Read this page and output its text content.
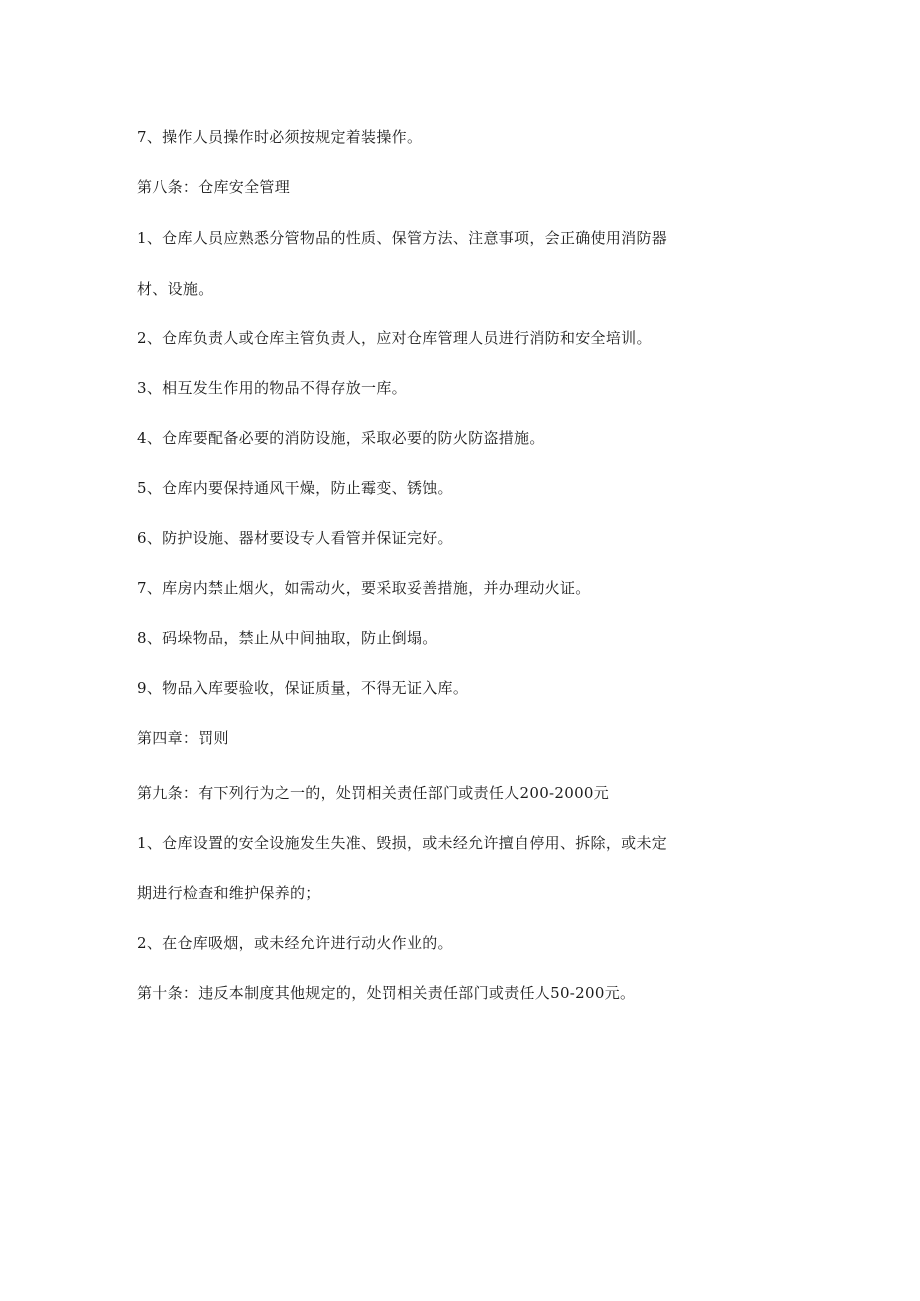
7、操作人员操作时必须按规定着装操作。

第八条：仓库安全管理

1、仓库人员应熟悉分管物品的性质、保管方法、注意事项，会正确使用消防器

材、设施。

2、仓库负责人或仓库主管负责人，应对仓库管理人员进行消防和安全培训。

3、相互发生作用的物品不得存放一库。

4、仓库要配备必要的消防设施，采取必要的防火防盗措施。

5、仓库内要保持通风干燥，防止霉变、锈蚀。

6、防护设施、器材要设专人看管并保证完好。

7、库房内禁止烟火，如需动火，要采取妥善措施，并办理动火证。

8、码垛物品，禁止从中间抽取，防止倒塌。

9、物品入库要验收，保证质量，不得无证入库。

第四章：罚则

第九条：有下列行为之一的，处罚相关责任部门或责任人200-2000元

1、仓库设置的安全设施发生失准、毁损，或未经允许擅自停用、拆除，或未定

期进行检查和维护保养的；

2、在仓库吸烟，或未经允许进行动火作业的。

第十条：违反本制度其他规定的，处罚相关责任部门或责任人50-200元。
